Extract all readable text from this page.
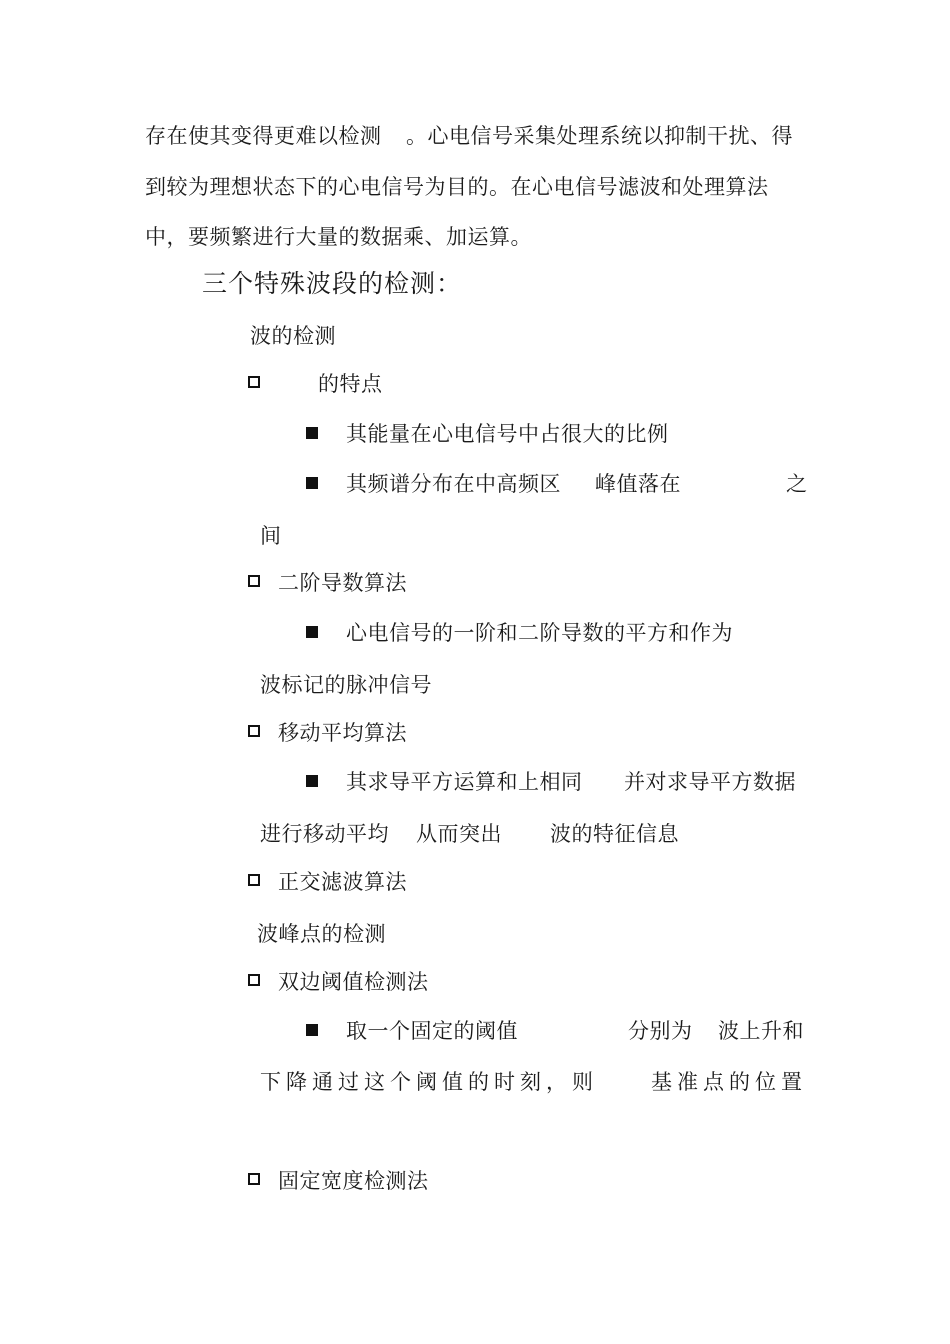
存在使其变得更难以检测 。心电信号采集处理系统以抑制干扰、得
到较为理想状态下的心电信号为目的。在心电信号滤波和处理算法
中，要频繁进行大量的数据乘、加运算。
三个特殊波段的检测：
波的检测
的特点
其能量在心电信号中占很大的比例
其频谱分布在中高频区 峰值落在	之
间
二阶导数算法
心电信号的一阶和二阶导数的平方和作为
波标记的脉冲信号
移动平均算法
其求导平方运算和上相同 并对求导平方数据
进行移动平均 从而突出 波的特征信息
正交滤波算法
波峰点的检测
双边阈值检测法
取一个固定的阈值	分别为 波上升和
下降通过这个阈值的时刻，则	基准点的位置
固定宽度检测法
